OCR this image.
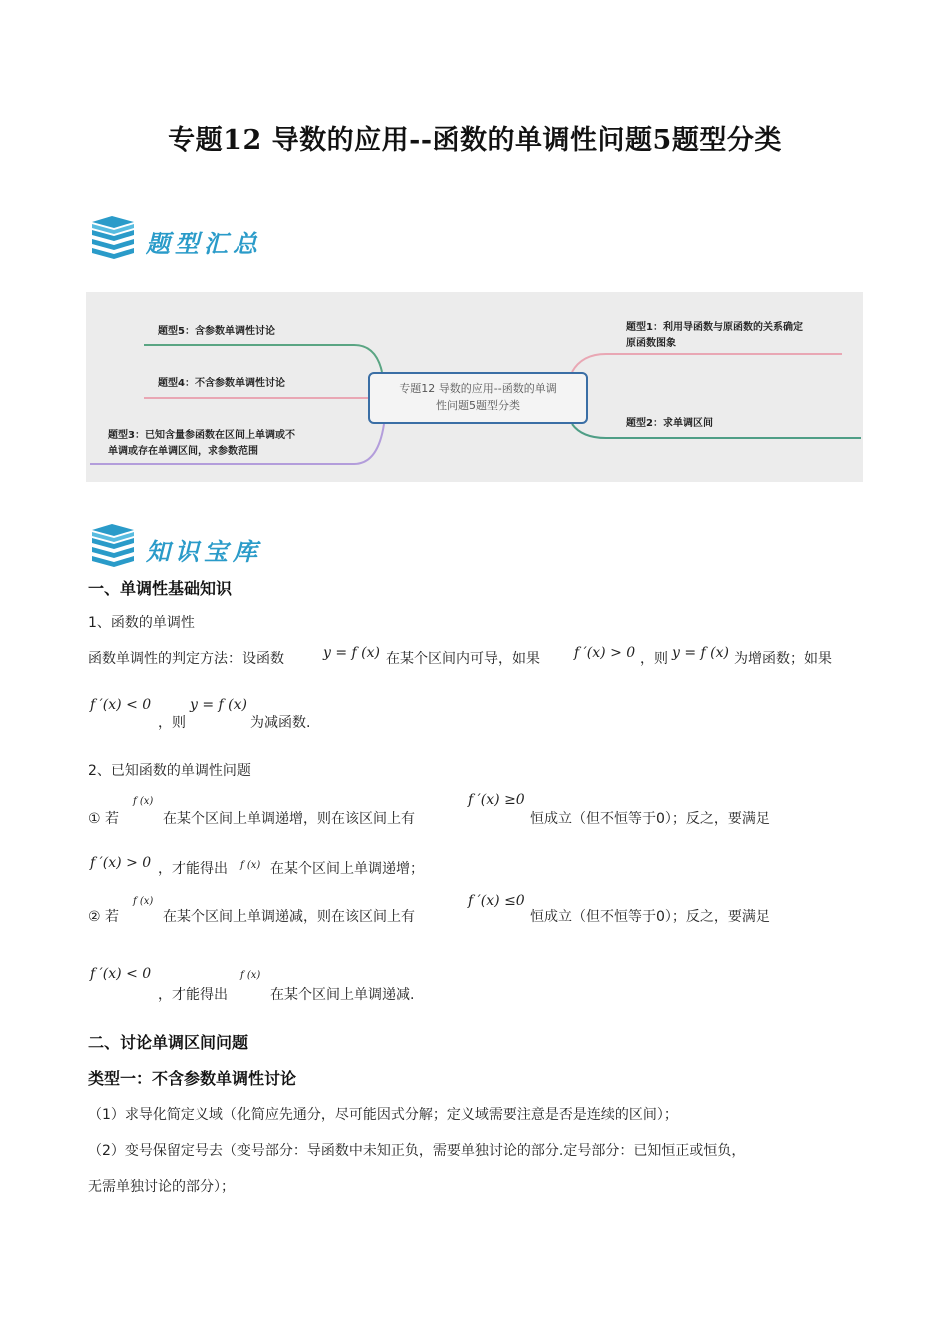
专题12 导数的应用--函数的单调性问题5题型分类
题型汇总
题型5：含参数单调性讨论
题型4：不含参数单调性讨论
题型3：已知含量参函数在区间上单调或不
单调或存在单调区间，求参数范围
题型1：利用导函数与原函数的关系确定
原函数图象
题型2：求单调区间
专题12 导数的应用--函数的单调
性问题5题型分类
知识宝库
一、单调性基础知识
1、函数的单调性
函数单调性的判定方法：设函数	y = f (x) 在某个区间内可导，如果 f ′(x) > 0 ，则 y = f (x) 为增函数；如果
f ′(x) < 0
，则
y = f (x)
为减函数.
2、已知函数的单调性问题
① 若
f (x)
在某个区间上单调递增，则在该区间上有
f ′(x) ≥0
恒成立（但不恒等于0）；反之，要满足
f ′(x) > 0 ，才能得出 f (x) 在某个区间上单调递增；
② 若
f (x)
在某个区间上单调递减，则在该区间上有
f ′(x) ≤0
恒成立（但不恒等于0）；反之，要满足
f ′(x) < 0
，才能得出
f (x)
在某个区间上单调递减.
二、讨论单调区间问题
类型一：不含参数单调性讨论
（1）求导化简定义域（化简应先通分，尽可能因式分解；定义域需要注意是否是连续的区间）；
（2）变号保留定号去（变号部分：导函数中未知正负，需要单独讨论的部分.定号部分：已知恒正或恒负，
无需单独讨论的部分）；
